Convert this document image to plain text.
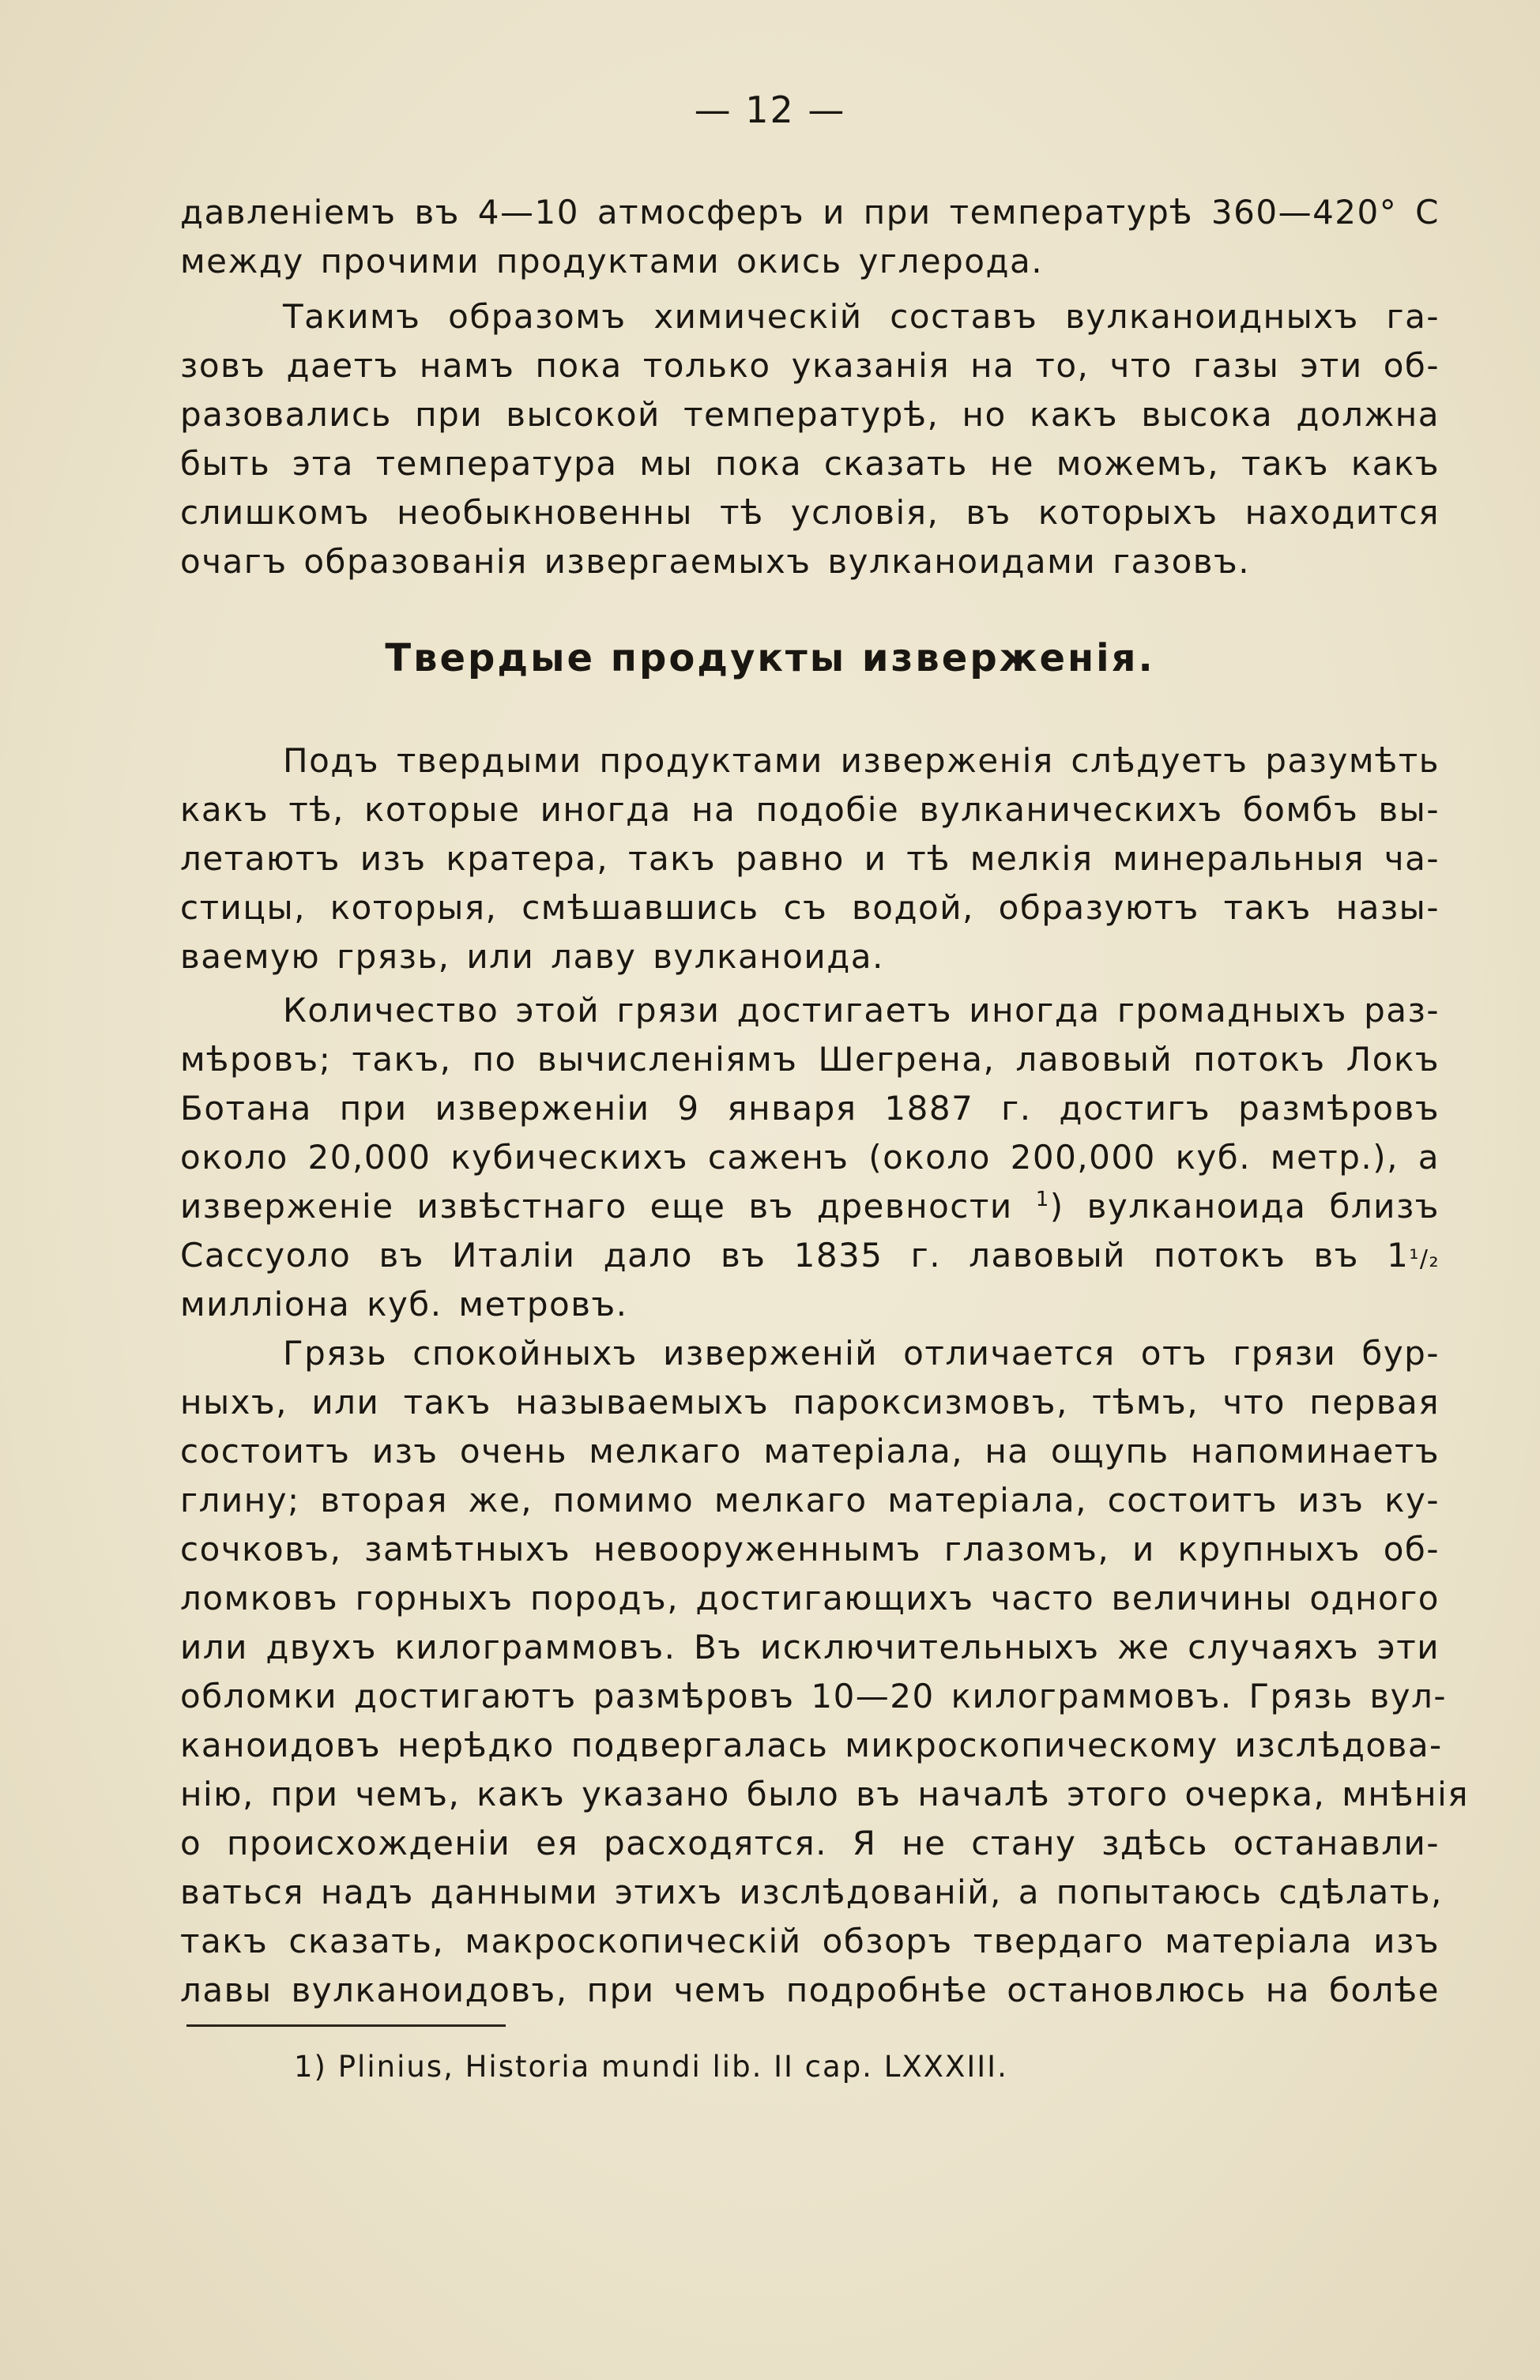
— 12 —
давленіемъ въ 4—10 атмосферъ и при температурѣ 360—420° C
между прочими продуктами окись углерода.
Такимъ образомъ химическій составъ вулканоидныхъ га-
зовъ даетъ намъ пока только указанія на то, что газы эти об-
разовались при высокой температурѣ, но какъ высока должна
быть эта температура мы пока сказать не можемъ, такъ какъ
слишкомъ необыкновенны тѣ условія, въ которыхъ находится
очагъ образованія извергаемыхъ вулканоидами газовъ.
Твердые продукты изверженія.
Подъ твердыми продуктами изверженія слѣдуетъ разумѣть
какъ тѣ, которые иногда на подобіе вулканическихъ бомбъ вы-
летаютъ изъ кратера, такъ равно и тѣ мелкія минеральныя ча-
стицы, которыя, смѣшавшись съ водой, образуютъ такъ назы-
ваемую грязь, или лаву вулканоида.
Количество этой грязи достигаетъ иногда громадныхъ раз-
мѣровъ; такъ, по вычисленіямъ Шегрена, лавовый потокъ Локъ
Ботана при изверженіи 9 января 1887 г. достигъ размѣровъ
около 20,000 кубическихъ саженъ (около 200,000 куб. метр.), а
изверженіе извѣстнаго еще въ древности $^1$) вулканоида близъ
Сассуоло въ Италіи дало въ 1835 г. лавовый потокъ въ 1¹/₂
милліона куб. метровъ.
Грязь спокойныхъ изверженій отличается отъ грязи бур-
ныхъ, или такъ называемыхъ пароксизмовъ, тѣмъ, что первая
состоитъ изъ очень мелкаго матеріала, на ощупь напоминаетъ
глину; вторая же, помимо мелкаго матеріала, состоитъ изъ ку-
сочковъ, замѣтныхъ невооруженнымъ глазомъ, и крупныхъ об-
ломковъ горныхъ породъ, достигающихъ часто величины одного
или двухъ килограммовъ. Въ исключительныхъ же случаяхъ эти
обломки достигаютъ размѣровъ 10—20 килограммовъ. Грязь вул-
каноидовъ нерѣдко подвергалась микроскопическому изслѣдова-
нію, при чемъ, какъ указано было въ началѣ этого очерка, мнѣнія
о происхожденіи ея расходятся. Я не стану здѣсь останавли-
ваться надъ данными этихъ изслѣдованій, а попытаюсь сдѣлать,
такъ сказать, макроскопическій обзоръ твердаго матеріала изъ
лавы вулканоидовъ, при чемъ подробнѣе остановлюсь на болѣе
1) Plinius, Historia mundi lib. II cap. LXXXIII.
